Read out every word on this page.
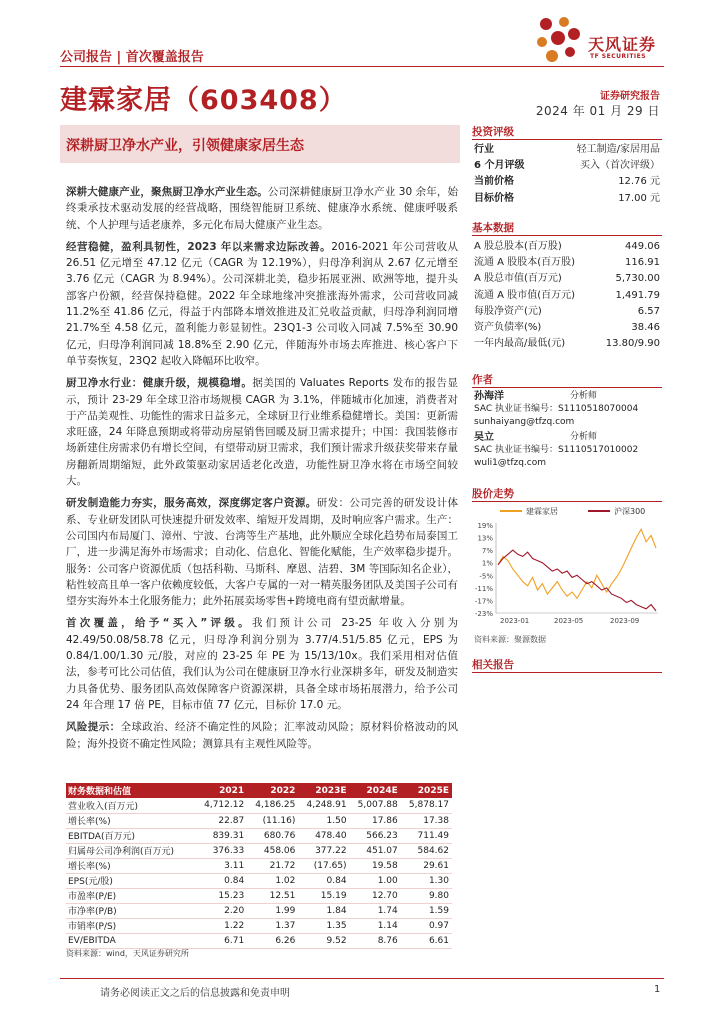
公司报告 | 首次覆盖报告
天风证券
TF SECURITIES
建霖家居（603408）	证券研究报告
2024 年 01 月 29 日
深耕厨卫净水产业，引领健康家居生态

深耕大健康产业，聚焦厨卫净水产业生态。公司深耕健康厨卫净水产业 30 余年，始终秉承技术驱动发展的经营战略，围绕智能厨卫系统、健康净水系统、健康呼吸系统、个人护理与适老康养，多元化布局大健康产业生态。

经营稳健，盈利具韧性，2023 年以来需求边际改善。2016-2021 年公司营收从 26.51 亿元增至 47.12 亿元（CAGR 为 12.19%），归母净利润从 2.67 亿元增至 3.76 亿元（CAGR 为 8.94%）。公司深耕北美，稳步拓展亚洲、欧洲等地，提升头部客户份额，经营保持稳健。2022 年全球地缘冲突推涨海外需求，公司营收同减 11.2%至 41.86 亿元，得益于内部降本增效推进及汇兑收益贡献，归母净利润同增 21.7%至 4.58 亿元，盈利能力彰显韧性。23Q1-3 公司收入同减 7.5%至 30.90 亿元，归母净利润同减 18.8%至 2.90 亿元，伴随海外市场去库推进、核心客户下单节奏恢复，23Q2 起收入降幅环比收窄。

厨卫净水行业：健康升级，规模稳增。据美国的 Valuates Reports 发布的报告显示，预计 23-29 年全球卫浴市场规模 CAGR 为 3.1%，伴随城市化加速，消费者对于产品美观性、功能性的需求日益多元，全球厨卫行业维系稳健增长。美国：更新需求旺盛，24 年降息预期或将带动房屋销售回暖及厨卫需求提升；中国：我国装修市场新建住房需求仍有增长空间，有望带动厨卫需求，我们预计需求升级获奖带来存量房翻新周期缩短，此外政策驱动家居适老化改造，功能性厨卫净水将在市场空间较大。

研发制造能力夯实，服务高效，深度绑定客户资源。研发：公司完善的研发设计体系、专业研发团队可快速提升研发效率、缩短开发周期，及时响应客户需求。生产：公司国内布局厦门、漳州、宁波、台湾等生产基地，此外顺应全球化趋势布局泰国工厂，进一步满足海外市场需求；自动化、信息化、智能化赋能，生产效率稳步提升。服务：公司客户资源优质（包括科勒、马斯科、摩恩、洁碧、3M 等国际知名企业），粘性较高且单一客户依赖度较低，大客户专属的一对一精英服务团队及美国子公司有望夯实海外本土化服务能力；此外拓展卖场零售+跨境电商有望贡献增量。

首次覆盖，给予“买入”评级。我们预计公司 23-25 年收入分别为 42.49/50.08/58.78 亿元，归母净利润分别为 3.77/4.51/5.85 亿元，EPS 为 0.84/1.00/1.30 元/股，对应的 23-25 年 PE 为 15/13/10x。我们采用相对估值法，参考可比公司估值，我们认为公司在健康厨卫净水行业深耕多年，研发及制造实力具备优势、服务团队高效保障客户资源深耕，具备全球市场拓展潜力，给予公司 24 年合理 17 倍 PE，目标市值 77 亿元，目标价 17.0 元。

风险提示：全球政治、经济不确定性的风险；汇率波动风险；原材料价格波动的风险；海外投资不确定性风险；测算具有主观性风险等。

投资评级
行业	轻工制造/家居用品
6 个月评级	买入（首次评级）
当前价格	12.76 元
目标价格	17.00 元
基本数据
A 股总股本(百万股)	449.06
流通 A 股股本(百万股)	116.91
A 股总市值(百万元)	5,730.00
流通 A 股市值(百万元)	1,491.79
每股净资产(元)	6.57
资产负债率(%)	38.46
一年内最高/最低(元)	13.80/9.90
作者
孙海洋	分析师
SAC 执业证书编号：S1110518070004
sunhaiyang@tfzq.com
吴立	分析师
SAC 执业证书编号：S1110517010002
wuli1@tfzq.com
股价走势
建霖家居	沪深300
19%
13%
7%
1%
-5%
-11%
-17%
-23%
2023-01	2023-05	2023-09
资料来源：聚源数据
相关报告
财务数据和估值	2021	2022	2023E	2024E	2025E
营业收入(百万元)	4,712.12	4,186.25	4,248.91	5,007.88	5,878.17
增长率(%)	22.87	(11.16)	1.50	17.86	17.38
EBITDA(百万元)	839.31	680.76	478.40	566.23	711.49
归属母公司净利润(百万元)	376.33	458.06	377.22	451.07	584.62
增长率(%)	3.11	21.72	(17.65)	19.58	29.61
EPS(元/股)	0.84	1.02	0.84	1.00	1.30
市盈率(P/E)	15.23	12.51	15.19	12.70	9.80
市净率(P/B)	2.20	1.99	1.84	1.74	1.59
市销率(P/S)	1.22	1.37	1.35	1.14	0.97
EV/EBITDA	6.71	6.26	9.52	8.76	6.61
资料来源：wind，天风证券研究所
请务必阅读正文之后的信息披露和免责申明	1
